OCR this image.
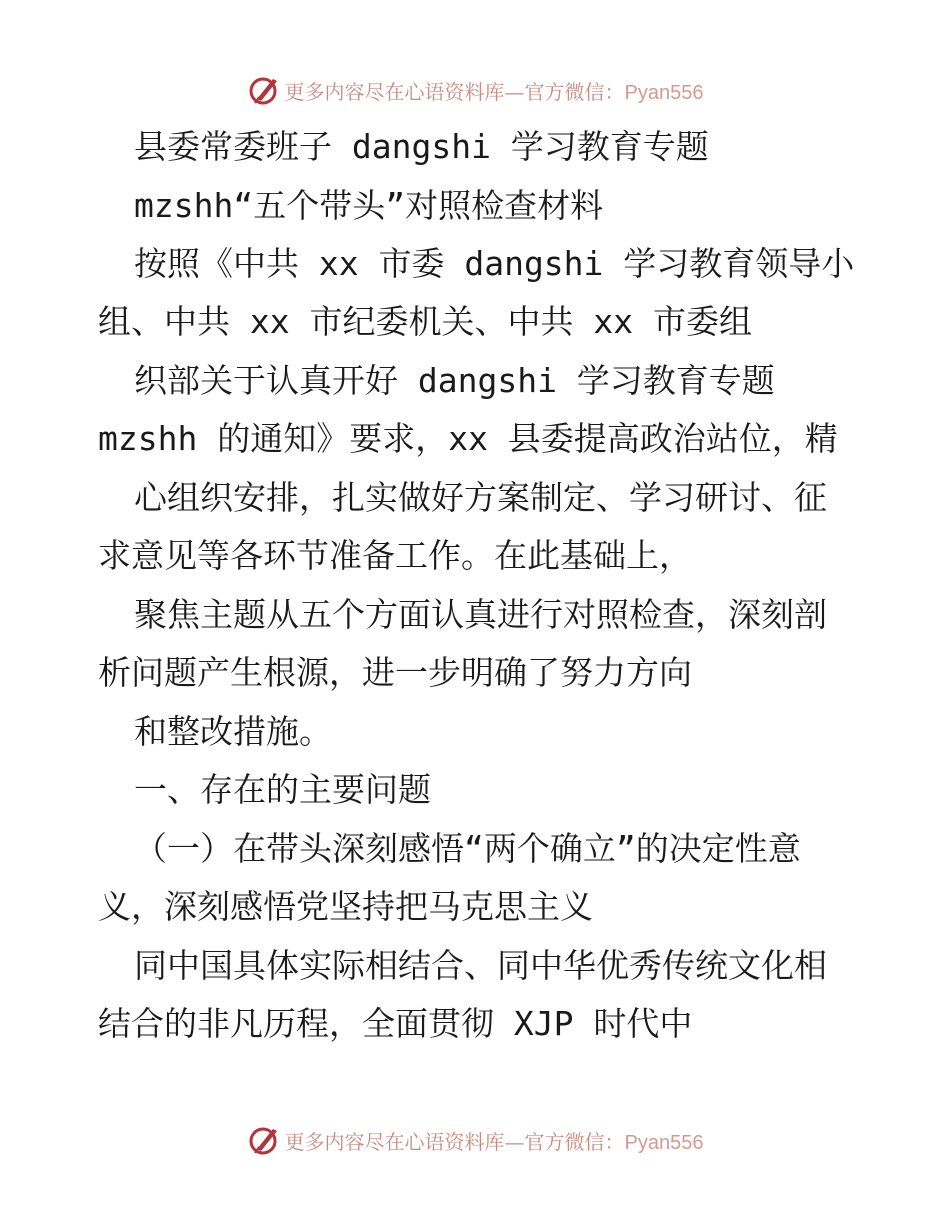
更多内容尽在心语资料库—官方微信：Pyan556
县委常委班子 dangshi 学习教育专题
mzshh“五个带头”对照检查材料
按照《中共 xx 市委 dangshi 学习教育领导小
组、中共 xx 市纪委机关、中共 xx 市委组
织部关于认真开好 dangshi 学习教育专题
mzshh 的通知》要求，xx 县委提高政治站位，精
心组织安排，扎实做好方案制定、学习研讨、征
求意见等各环节准备工作。在此基础上，
聚焦主题从五个方面认真进行对照检查，深刻剖
析问题产生根源，进一步明确了努力方向
和整改措施。
一、存在的主要问题
（一）在带头深刻感悟“两个确立”的决定性意
义，深刻感悟党坚持把马克思主义
同中国具体实际相结合、同中华优秀传统文化相
结合的非凡历程，全面贯彻 XJP 时代中
更多内容尽在心语资料库—官方微信：Pyan556
